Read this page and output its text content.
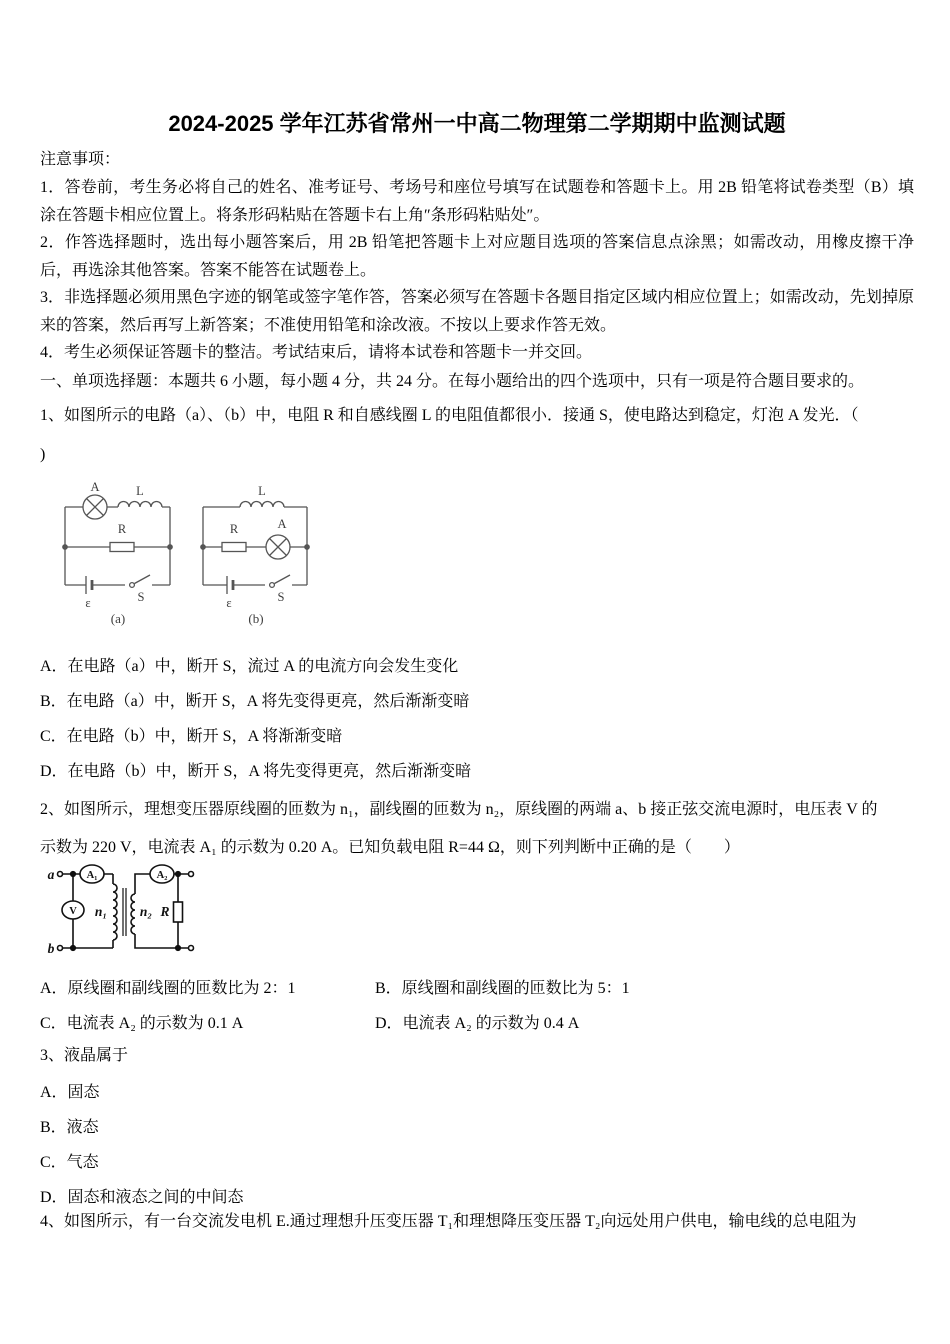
2024-2025 学年江苏省常州一中高二物理第二学期期中监测试题
注意事项：
1．答卷前，考生务必将自己的姓名、准考证号、考场号和座位号填写在试题卷和答题卡上。用 2B 铅笔将试卷类型（B）填涂在答题卡相应位置上。将条形码粘贴在答题卡右上角″条形码粘贴处″。
2．作答选择题时，选出每小题答案后，用 2B 铅笔把答题卡上对应题目选项的答案信息点涂黑；如需改动，用橡皮擦干净后，再选涂其他答案。答案不能答在试题卷上。
3．非选择题必须用黑色字迹的钢笔或签字笔作答，答案必须写在答题卡各题目指定区域内相应位置上；如需改动，先划掉原来的答案，然后再写上新答案；不准使用铅笔和涂改液。不按以上要求作答无效。
4．考生必须保证答题卡的整洁。考试结束后，请将本试卷和答题卡一并交回。
一、单项选择题：本题共 6 小题，每小题 4 分，共 24 分。在每小题给出的四个选项中，只有一项是符合题目要求的。
1、如图所示的电路（a）、（b）中，电阻 R 和自感线圈 L 的电阻值都很小．接通 S，使电路达到稳定，灯泡 A 发光．（
)
A	L
R
ε	S
(a)
L
R	A
ε	S
(b)
A．在电路（a）中，断开 S，流过 A 的电流方向会发生变化
B．在电路（a）中，断开 S，A 将先变得更亮，然后渐渐变暗
C．在电路（b）中，断开 S，A 将渐渐变暗
D．在电路（b）中，断开 S，A 将先变得更亮，然后渐渐变暗
2、如图所示，理想变压器原线圈的匝数为 n₁，副线圈的匝数为 n₂，原线圈的两端 a、b 接正弦交流电源时，电压表 V 的
示数为 220 V，电流表 A₁ 的示数为 0.20 A。已知负载电阻 R=44 Ω，则下列判断中正确的是（　　）
a
b
A₁	A₂
V n₁ n₂ R
A．原线圈和副线圈的匝数比为 2：1	B．原线圈和副线圈的匝数比为 5：1
C．电流表 A₂ 的示数为 0.1 A	D．电流表 A₂ 的示数为 0.4 A
3、液晶属于
A．固态
B．液态
C．气态
D．固态和液态之间的中间态
4、如图所示，有一台交流发电机 E.通过理想升压变压器 T₁和理想降压变压器 T₂向远处用户供电，输电线的总电阻为
